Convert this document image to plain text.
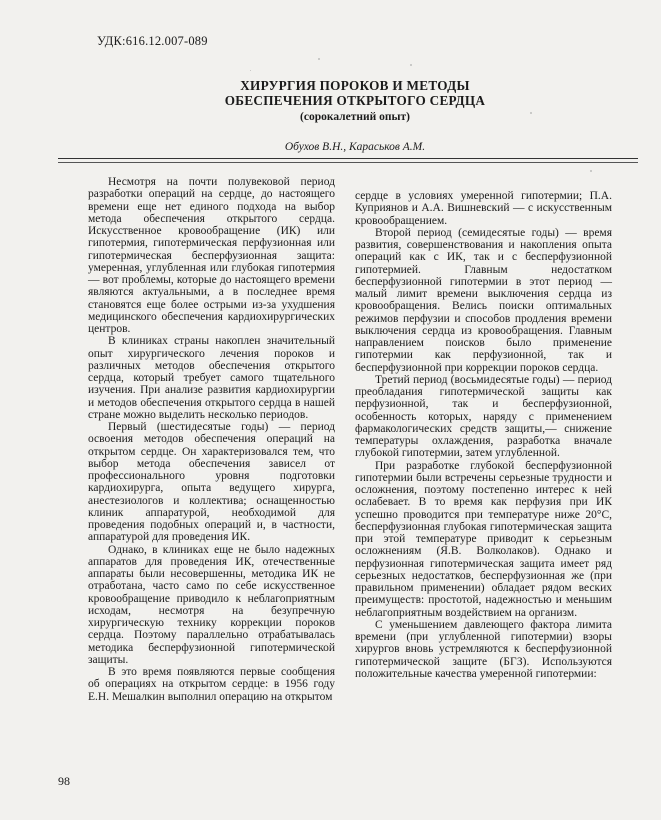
УДК:616.12.007-089
ХИРУРГИЯ ПОРОКОВ И МЕТОДЫ
ОБЕСПЕЧЕНИЯ ОТКРЫТОГО СЕРДЦА
(сорокалетний опыт)
Обухов В.Н., Караськов А.М.

Несмотря на почти полувековой период разработки операций на сердце, до настоящего времени еще нет единого подхода на выбор метода обеспечения открытого сердца. Искусственное кровообращение (ИК) или гипотермия, гипотермическая перфузионная или гипотермическая бесперфузионная защита: умеренная, углубленная или глубокая гипотермия — вот проблемы, которые до настоящего времени являются актуальными, а в последнее время становятся еще более острыми из-за ухудшения медицинского обеспечения кардиохирургических центров.

В клиниках страны накоплен значительный опыт хирургического лечения пороков и различных методов обеспечения открытого сердца, который требует самого тщательного изучения. При анализе развития кардиохирургии и методов обеспечения открытого сердца в нашей стране можно выделить несколько периодов.

Первый (шестидесятые годы) — период освоения методов обеспечения операций на открытом сердце. Он характеризовался тем, что выбор метода обеспечения зависел от профессионального уровня подготовки кардиохирурга, опыта ведущего хирурга, анестезиологов и коллектива; оснащенностью клиник аппаратурой, необходимой для проведения подобных операций и, в частности, аппаратурой для проведения ИК.

Однако, в клиниках еще не было надежных аппаратов для проведения ИК, отечественные аппараты были несовершенны, методика ИК не отработана, часто само по себе искусственное кровообращение приводило к неблагоприятным исходам, несмотря на безупречную хирургическую технику коррекции пороков сердца. Поэтому параллельно отрабатывалась методика бесперфузионной гипотермической защиты.

В это время появляются первые сообщения об операциях на открытом сердце: в 1956 году Е.Н. Мешалкин выполнил операцию на открытом

сердце в условиях умеренной гипотермии; П.А. Куприянов и А.А. Вишневский — с искусственным кровообращением.

Второй период (семидесятые годы) — время развития, совершенствования и накопления опыта операций как с ИК, так и с бесперфузионной гипотермией. Главным недостатком бесперфузионной гипотермии в этот период — малый лимит времени выключения сердца из кровообращения. Велись поиски оптимальных режимов перфузии и способов продления времени выключения сердца из кровообращения. Главным направлением поисков было применение гипотермии как перфузионной, так и бесперфузионной при коррекции пороков сердца.

Третий период (восьмидесятые годы) — период преобладания гипотермической защиты как перфузионной, так и бесперфузионной, особенность которых, наряду с применением фармакологических средств защиты,— снижение температуры охлаждения, разработка вначале глубокой гипотермии, затем углубленной.

При разработке глубокой бесперфузионной гипотермии были встречены серьезные трудности и осложнения, поэтому постепенно интерес к ней ослабевает. В то время как перфузия при ИК успешно проводится при температуре ниже 20°С, бесперфузионная глубокая гипотермическая защита при этой температуре приводит к серьезным осложнениям (Я.В. Волколаков). Однако и перфузионная гипотермическая защита имеет ряд серьезных недостатков, бесперфузионная же (при правильном применении) обладает рядом веских преимуществ: простотой, надежностью и меньшим неблагоприятным воздействием на организм.

С уменьшением давлеющего фактора лимита времени (при углубленной гипотермии) взоры хирургов вновь устремляются к бесперфузионной гипотермической защите (БГЗ). Используются положительные качества умеренной гипотермии:

98
